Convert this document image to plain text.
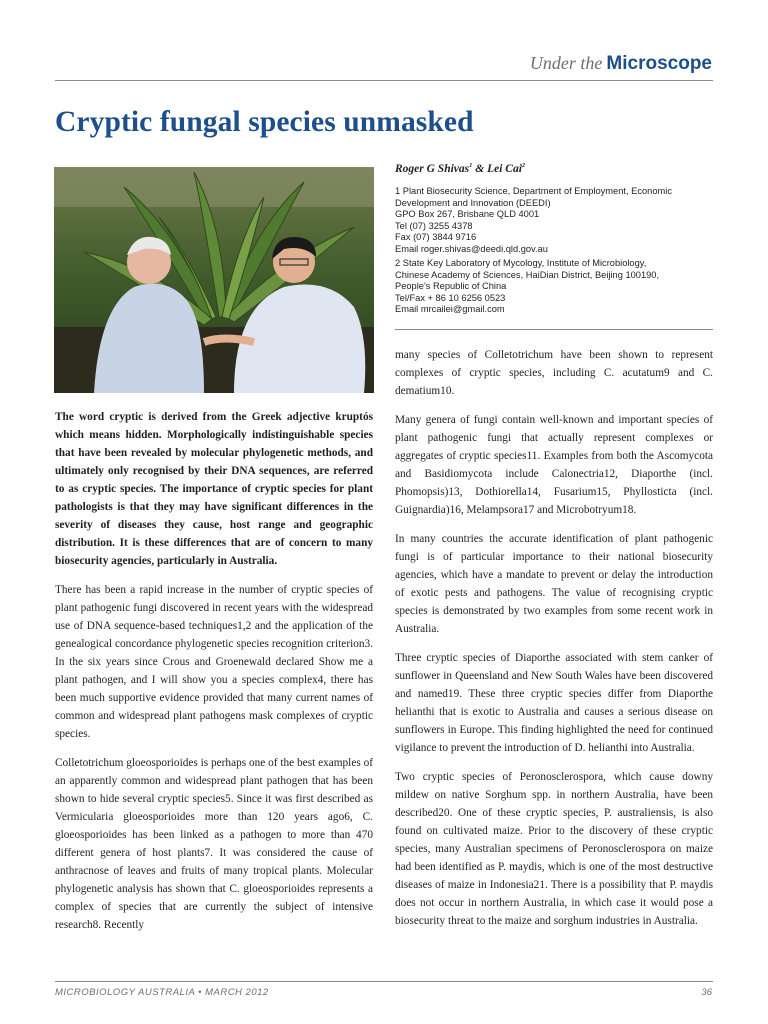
Under the Microscope
Cryptic fungal species unmasked
Roger G Shivas$^1$ & Lei Cai$^2$
1 Plant Biosecurity Science, Department of Employment, Economic
Development and Innovation (DEEDI)
GPO Box 267, Brisbane QLD 4001
Tel (07) 3255 4378
Fax (07) 3844 9716
Email roger.shivas@deedi.qld.gov.au
2 State Key Laboratory of Mycology, Institute of Microbiology,
Chinese Academy of Sciences, HaiDian District, Beijing 100190,
People's Republic of China
Tel/Fax + 86 10 6256 0523
Email mrcailei@gmail.com

The word cryptic is derived from the Greek adjective kruptós which means hidden. Morphologically indistinguishable species that have been revealed by molecular phylogenetic methods, and ultimately only recognised by their DNA sequences, are referred to as cryptic species. The importance of cryptic species for plant pathologists is that they may have significant differences in the severity of diseases they cause, host range and geographic distribution. It is these differences that are of concern to many biosecurity agencies, particularly in Australia.

There has been a rapid increase in the number of cryptic species of plant pathogenic fungi discovered in recent years with the widespread use of DNA sequence-based techniques1,2 and the application of the genealogical concordance phylogenetic species recognition criterion3. In the six years since Crous and Groenewald declared Show me a plant pathogen, and I will show you a species complex4, there has been much supportive evidence provided that many current names of common and widespread plant pathogens mask complexes of cryptic species.

Colletotrichum gloeosporioides is perhaps one of the best examples of an apparently common and widespread plant pathogen that has been shown to hide several cryptic species5. Since it was first described as Vermicularia gloeosporioides more than 120 years ago6, C. gloeosporioides has been linked as a pathogen to more than 470 different genera of host plants7. It was considered the cause of anthracnose of leaves and fruits of many tropical plants. Molecular phylogenetic analysis has shown that C. gloeosporioides represents a complex of species that are currently the subject of intensive research8. Recently

many species of Colletotrichum have been shown to represent complexes of cryptic species, including C. acutatum9 and C. dematium10.

Many genera of fungi contain well-known and important species of plant pathogenic fungi that actually represent complexes or aggregates of cryptic species11. Examples from both the Ascomycota and Basidiomycota include Calonectria12, Diaporthe (incl. Phomopsis)13, Dothiorella14, Fusarium15, Phyllosticta (incl. Guignardia)16, Melampsora17 and Microbotryum18.

In many countries the accurate identification of plant pathogenic fungi is of particular importance to their national biosecurity agencies, which have a mandate to prevent or delay the introduction of exotic pests and pathogens. The value of recognising cryptic species is demonstrated by two examples from some recent work in Australia.

Three cryptic species of Diaporthe associated with stem canker of sunflower in Queensland and New South Wales have been discovered and named19. These three cryptic species differ from Diaporthe helianthi that is exotic to Australia and causes a serious disease on sunflowers in Europe. This finding highlighted the need for continued vigilance to prevent the introduction of D. helianthi into Australia.

Two cryptic species of Peronosclerospora, which cause downy mildew on native Sorghum spp. in northern Australia, have been described20. One of these cryptic species, P. australiensis, is also found on cultivated maize. Prior to the discovery of these cryptic species, many Australian specimens of Peronosclerospora on maize had been identified as P. maydis, which is one of the most destructive diseases of maize in Indonesia21. There is a possibility that P. maydis does not occur in northern Australia, in which case it would pose a biosecurity threat to the maize and sorghum industries in Australia.

MICROBIOLOGY AUSTRALIA • MARCH 2012	36
